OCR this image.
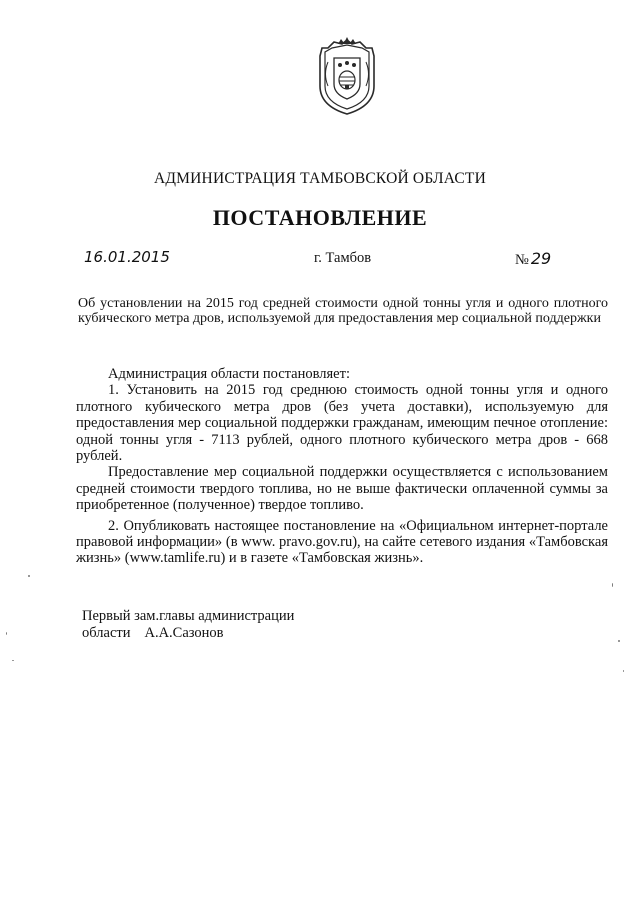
АДМИНИСТРАЦИЯ ТАМБОВСКОЙ ОБЛАСТИ
ПОСТАНОВЛЕНИЕ
16.01.2015	г. Тамбов	№ 29
Об установлении на 2015 год средней стоимости одной тонны угля и одного плотного кубического метра дров, используемой для предоставления мер социальной поддержки

Администрация области постановляет:

1. Установить на 2015 год среднюю стоимость одной тонны угля и одного плотного кубического метра дров (без учета доставки), используемую для предоставления мер социальной поддержки гражданам, имеющим печное отопление: одной тонны угля - 7113 рублей, одного плотного кубического метра дров - 668 рублей.

Предоставление мер социальной поддержки осуществляется с использованием средней стоимости твердого топлива, но не выше фактически оплаченной суммы за приобретенное (полученное) твердое топливо.

2. Опубликовать настоящее постановление на «Официальном интернет-портале правовой информации» (в www. pravo.gov.ru), на сайте сетевого издания «Тамбовская жизнь» (www.tamlife.ru) и в газете «Тамбовская жизнь».

Первый зам.главы администрации
области А.А.Сазонов
